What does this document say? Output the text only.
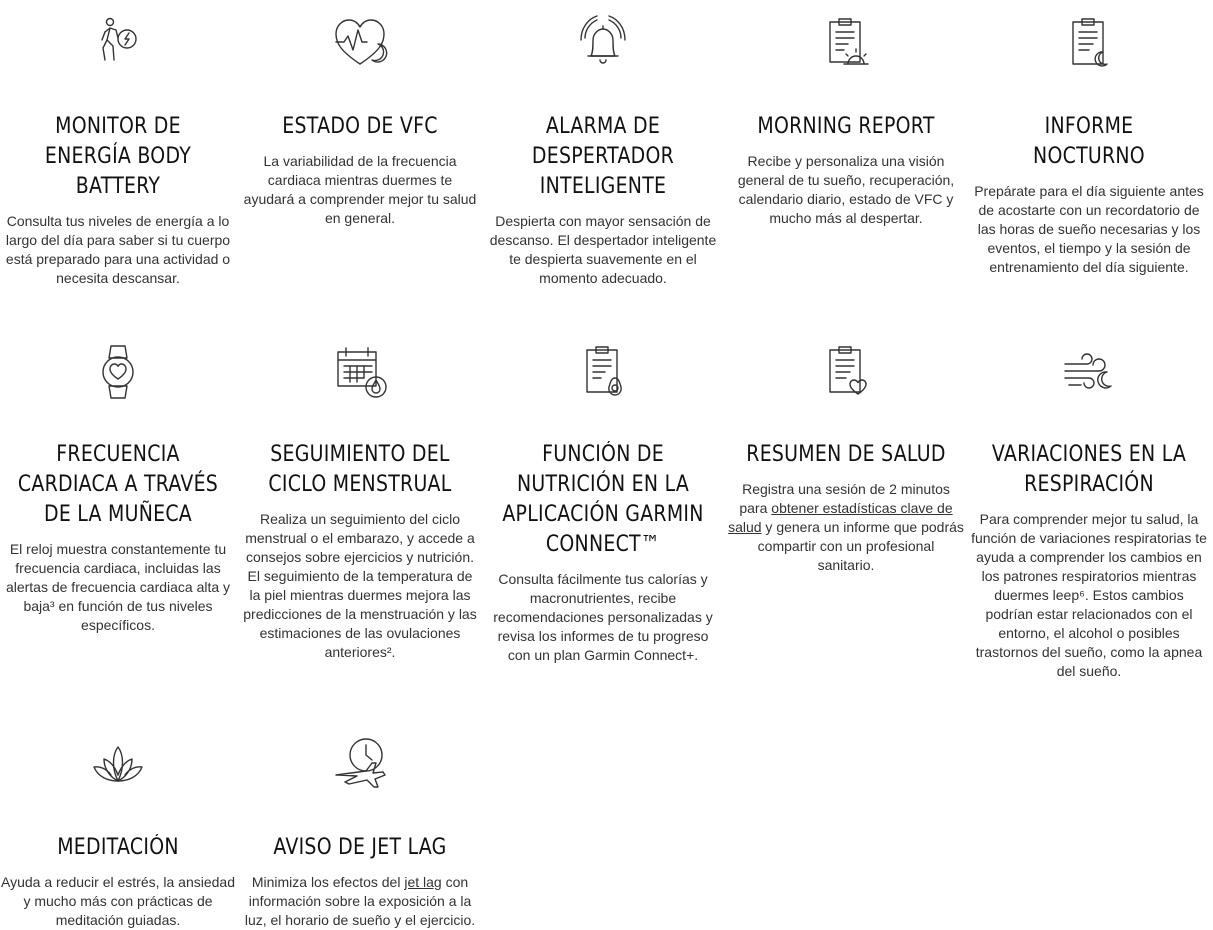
MONITOR DE ENERGÍA BODY BATTERY

Consulta tus niveles de energía a lo largo del día para saber si tu cuerpo está preparado para una actividad o necesita descansar.

ESTADO DE VFC

La variabilidad de la frecuencia cardiaca mientras duermes te ayudará a comprender mejor tu salud en general.

ALARMA DE DESPERTADOR INTELIGENTE

Despierta con mayor sensación de descanso. El despertador inteligente te despierta suavemente en el momento adecuado.

MORNING REPORT

Recibe y personaliza una visión general de tu sueño, recuperación, calendario diario, estado de VFC y mucho más al despertar.

INFORME NOCTURNO

Prepárate para el día siguiente antes de acostarte con un recordatorio de las horas de sueño necesarias y los eventos, el tiempo y la sesión de entrenamiento del día siguiente.

FRECUENCIA CARDIACA A TRAVÉS DE LA MUÑECA

El reloj muestra constantemente tu frecuencia cardiaca, incluidas las alertas de frecuencia cardiaca alta y baja³ en función de tus niveles específicos.

SEGUIMIENTO DEL CICLO MENSTRUAL

Realiza un seguimiento del ciclo menstrual o el embarazo, y accede a consejos sobre ejercicios y nutrición. El seguimiento de la temperatura de la piel mientras duermes mejora las predicciones de la menstruación y las estimaciones de las ovulaciones anteriores².

FUNCIÓN DE NUTRICIÓN EN LA APLICACIÓN GARMIN CONNECT™

Consulta fácilmente tus calorías y macronutrientes, recibe recomendaciones personalizadas y revisa los informes de tu progreso con un plan Garmin Connect+.

RESUMEN DE SALUD

Registra una sesión de 2 minutos para obtener estadísticas clave de salud y genera un informe que podrás compartir con un profesional sanitario.

VARIACIONES EN LA RESPIRACIÓN

Para comprender mejor tu salud, la función de variaciones respiratorias te ayuda a comprender los cambios en los patrones respiratorios mientras duermes leep⁶. Estos cambios podrían estar relacionados con el entorno, el alcohol o posibles trastornos del sueño, como la apnea del sueño.

MEDITACIÓN

Ayuda a reducir el estrés, la ansiedad y mucho más con prácticas de meditación guiadas.

AVISO DE JET LAG

Minimiza los efectos del jet lag con información sobre la exposición a la luz, el horario de sueño y el ejercicio.
